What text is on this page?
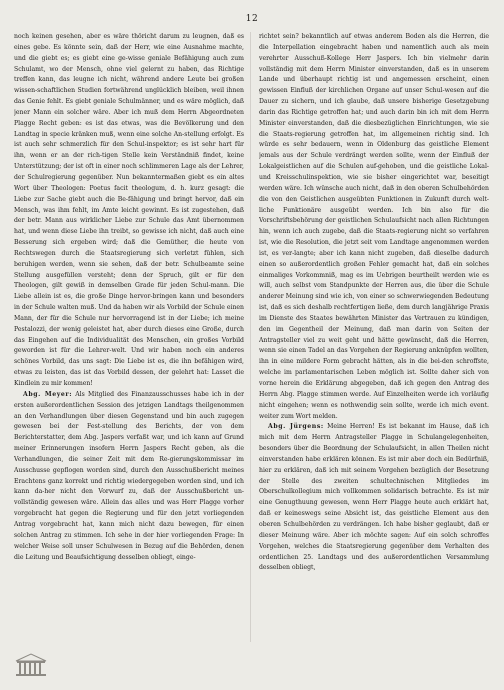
12

noch keinen gesehen, aber es wäre thöricht darum zu leugnen, daß es eines gebe. Es könnte sein, daß der Herr, wie eine Ausnahme machte, und die giebt es; es giebt eine ge-wisse geniale Befähigung auch zum Schulamt, wo der Mensch, ohne viel gelernt zu haben, das Richtige treffen kann, das leugne ich nicht, während andere Leute bei großen wissen-schaftlichen Studien fortwährend unglücklich bleiben, weil ihnen das Genie fehlt. Es giebt geniale Schulmänner, und es wäre möglich, daß jener Mann ein solcher wäre. Aber ich muß dem Herrn Abgeordneten Plagge Recht geben: es ist das etwas, was die Bevölkerung und den Landtag in specie kränken muß, wenn eine solche An-stellung erfolgt. Es ist auch sehr schmerzlich für den Schul-inspektor; es ist sehr hart für ihn, wenn er an der rich-tigen Stelle kein Verständniß findet, keine Unterstützung; der ist oft in einer noch schlimmeren Lage als der Lehrer, der Schulregierung gegenüber. Nun bekanntermaßen giebt es ein altes Wort über Theologen: Poetus facit theologum, d. h. kurz gesagt: die Liebe zur Sache giebt auch die Be-fähigung und bringt hervor, daß ein Mensch, was ihm fehlt, im Amte leicht gewinnt. Es ist zugestehen, daß der betr. Mann aus wirklicher Liebe zur Schule das Amt übernommen hat, und wenn diese Liebe ihn treibt, so gewisse ich nicht, daß auch eine Besserung sich ergeben wird; daß die Gemüther, die heute von Rechtswegen durch die Staatsregierung sich verletzt fühlen, sich beruhigen werden, wenn sie sehen, daß der betr. Schulbeamte seine Stellung ausgefüllen versteht; denn der Spruch, gilt er für den Theologen, gilt gewiß in demselben Grade für jeden Schul-mann. Die Liebe allein ist es, die große Dinge hervor-bringen kann und besonders in der Schule walten muß. Und da haben wir als Vorbild der Schule einen Mann, der für die Schule nur hervorragend ist in der Liebe; ich meine Pestalozzi, der wenig geleistet hat, aber durch dieses eine Große, durch das Eingehen auf die Individualität des Menschen, ein großes Vorbild geworden ist für die Lehrer-welt. Und wir haben noch ein anderes schönes Vorbild, das uns sagt: Die Liebe ist es, die ihn befähigen wird, etwas zu leisten, das ist das Vorbild dessen, der gelehrt hat: Lasset die Kindlein zu mir kommen!

Abg. Meyer: Als Mitglied des Finanzausschusses habe ich in der ersten außerordentlichen Session des jetzigen Landtags theilgenommen an den Verhandlungen über diesen Gegenstand und bin auch zugegen gewesen bei der Fest-stellung des Berichts, der von dem Berichterstatter, dem Abg. Jaspers verfaßt war, und ich kann auf Grund meiner Erinnerungen insofern Herrn Jaspers Recht geben, als die Verhandlungen, die seiner Zeit mit dem Re-gierungskommissar im Ausschusse gepflogen worden sind, durch den Ausschußbericht meines Erachtens ganz korrekt und richtig wiedergegeben worden sind, und ich kann da-her nicht den Vorwurf zu, daß der Ausschußbericht un-vollständig gewesen wäre. Allein das alles und was Herr Plagge vorher vorgebracht hat gegen die Regierung und für den jetzt vorliegenden Antrag vorgebracht hat, kann mich nicht dazu bewegen, für einen solchen Antrag zu stimmen. Ich sehe in der hier vorliegenden Frage: In welcher Weise soll unser Schulwesen in Bezug auf die Behörden, denen die Leitung und Beaufsichtigung desselben obliegt, einge-

richtet sein? bekanntlich auf etwas anderem Boden als die Herren, die die Interpellation eingebracht haben und namentlich auch als mein verehrter Ausschuß-Kollege Herr Jaspers. Ich bin vielmehr darin vollständig mit dem Herrn Minister einverstanden, daß es in unserem Lande und überhaupt richtig ist und angemessen erscheint, einen gewissen Einfluß der kirchlichen Organe auf unser Schul-wesen auf die Dauer zu sichern, und ich glaube, daß unsere bisherige Gesetzgebung darin das Richtige getroffen hat; und auch darin bin ich mit dem Herrn Minister einverstanden, daß die diesbezüglichen Einrichtungen, wie sie die Staats-regierung getroffen hat, im allgemeinen richtig sind. Ich würde es sehr bedauern, wenn in Oldenburg das geistliche Element jemals aus der Schule verdrängt werden sollte, wenn der Einfluß der Lokalgeistlichen auf die Schulen auf-gehoben, und die geistliche Lokal- und Kreisschulinspektion, wie sie bisher eingerichtet war, beseitigt werden wäre. Ich wünsche auch nicht, daß in den oberen Schulbehörden die von den Geistlichen ausgeübten Funktionen in Zukunft durch welt-liche Funktionäre ausgeübt werden. Ich bin also für die Vorschriftsbehörung der geistlichen Schulaufsicht nach allen Richtungen hin, wenn ich auch zugebe, daß die Staats-regierung nicht so verfahren ist, wie die Resolution, die jetzt seit vom Landtage angenommen werden ist, es ver-langte; aber ich kann nicht zugeben, daß dieselbe dadurch einen so außerordentlich großen Fehler gemacht hat, daß ein solches einmaliges Vorkommniß, mag es im Uebrigen beurtheilt werden wie es will, auch selbst vom Standpunkte der Herren aus, die über die Schule anderer Meinung sind wie ich, von einer so schwerwiegenden Bedeutung ist, daß es sich deshalb rechtfertigen ließe, dem durch langjährige Praxis im Dienste des Staates bewährten Minister das Vertrauen zu kündigen, den im Gegentheil der Meinung, daß man darin von Seiten der Antragsteller viel zu weit geht und hätte gewünscht, daß die Herren, wenn sie einen Tadel an das Vorgehen der Regierung anknüpfen wollten, ihn in eine mildere Form gebracht hätten, als in die bei-den schroffste, welche im parlamentarischen Leben möglich ist. Sollte daher sich von vorne herein die Erklärung abgegeben, daß ich gegen den Antrag des Herrn Abg. Plagge stimmen werde. Auf Einzelheiten werde ich vorläufig nicht eingehen; wenn es nothwendig sein sollte, werde ich mich event. weiter zum Wort melden.

Abg. Jürgens: Meine Herren! Es ist bekannt im Hause, daß ich mich mit dem Herrn Antragsteller Plagge in Schulangelegenheiten, besonders über die Beordnung der Schulaufsicht, in allen Theilen nicht einverstanden habe erklären können. Es ist mir aber doch ein Bedürfniß, hier zu erklären, daß ich mit seinem Vorgehen bezüglich der Besetzung der Stelle des zweiten schultechnischen Mitgliedes im Oberschulkollegium mich vollkommen solidarisch betrachte. Es ist mir eine Genugthuung gewesen, wenn Herr Plagge heute auch erklärt hat, daß er keineswegs seine Absicht ist, das geistliche Element aus den oberen Schulbehörden zu verdrängen. Ich habe bisher geglaubt, daß er dieser Meinung wäre. Aber ich möchte sagen: Auf ein solch schroffes Vorgehen, welches die Staatsregierung gegenüber dem Verhalten des ordentlichen 25. Landtags und des außerordentlichen Versammlung desselben obliegt,
